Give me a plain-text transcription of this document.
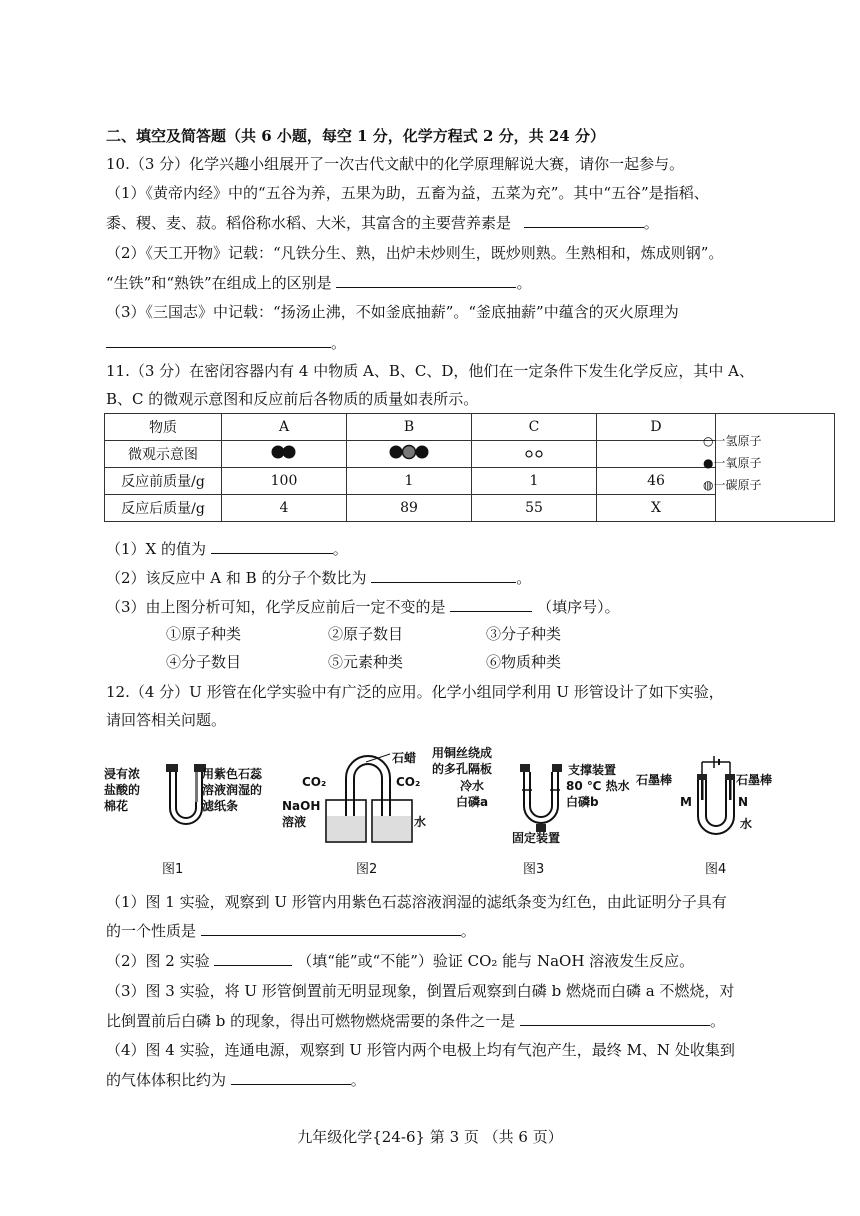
二、填空及简答题（共 6 小题，每空 1 分，化学方程式 2 分，共 24 分）
10.（3 分）化学兴趣小组展开了一次古代文献中的化学原理解说大赛，请你一起参与。
（1）《黄帝内经》中的“五谷为养，五果为助，五畜为益，五菜为充”。其中“五谷”是指稻、
黍、稷、麦、菽。稻俗称水稻、大米，其富含的主要营养素是	。
（2）《天工开物》记载：“凡铁分生、熟，出炉未炒则生，既炒则熟。生熟相和，炼成则钢”。
“生铁”和“熟铁”在组成上的区别是	。
（3）《三国志》中记载：“扬汤止沸，不如釜底抽薪”。“釜底抽薪”中蕴含的灭火原理为
。
11.（3 分）在密闭容器内有 4 中物质 A、B、C、D，他们在一定条件下发生化学反应，其中 A、
B、C 的微观示意图和反应前后各物质的质量如表所示。
物质	A	B	C	D	
微观示意图				
反应前质量/g	100	1	1	46	
反应后质量/g	4	89	55	X	
○一氢原子
●一氧原子
◍一碳原子
（1）X 的值为	。
（2）该反应中 A 和 B 的分子个数比为	。
（3）由上图分析可知，化学反应前后一定不变的是	（填序号）。
①原子种类	②原子数目	③分子种类
④分子数目	⑤元素种类	⑥物质种类
12.（4 分）U 形管在化学实验中有广泛的应用。化学小组同学利用 U 形管设计了如下实验，
请回答相关问题。
浸有浓
盐酸的
棉花
用紫色石蕊
溶液润湿的
滤纸条
石蜡
CO₂	CO₂
NaOH
溶液	水
用铜丝绕成
的多孔隔板	支撑装置
80 ℃ 热水
冷水
白磷a	白磷b
固定装置
石墨棒	石墨棒
M	N
水
图1	图2	图3	图4
（1）图 1 实验，观察到 U 形管内用紫色石蕊溶液润湿的滤纸条变为红色，由此证明分子具有
的一个性质是	。
（2）图 2 实验	（填“能”或“不能”）验证 CO₂ 能与 NaOH 溶液发生反应。
（3）图 3 实验，将 U 形管倒置前无明显现象，倒置后观察到白磷 b 燃烧而白磷 a 不燃烧，对
比倒置前后白磷 b 的现象，得出可燃物燃烧需要的条件之一是	。
（4）图 4 实验，连通电源，观察到 U 形管内两个电极上均有气泡产生，最终 M、N 处收集到
的气体体积比约为	。
九年级化学{24-6} 第 3 页 （共 6 页）
